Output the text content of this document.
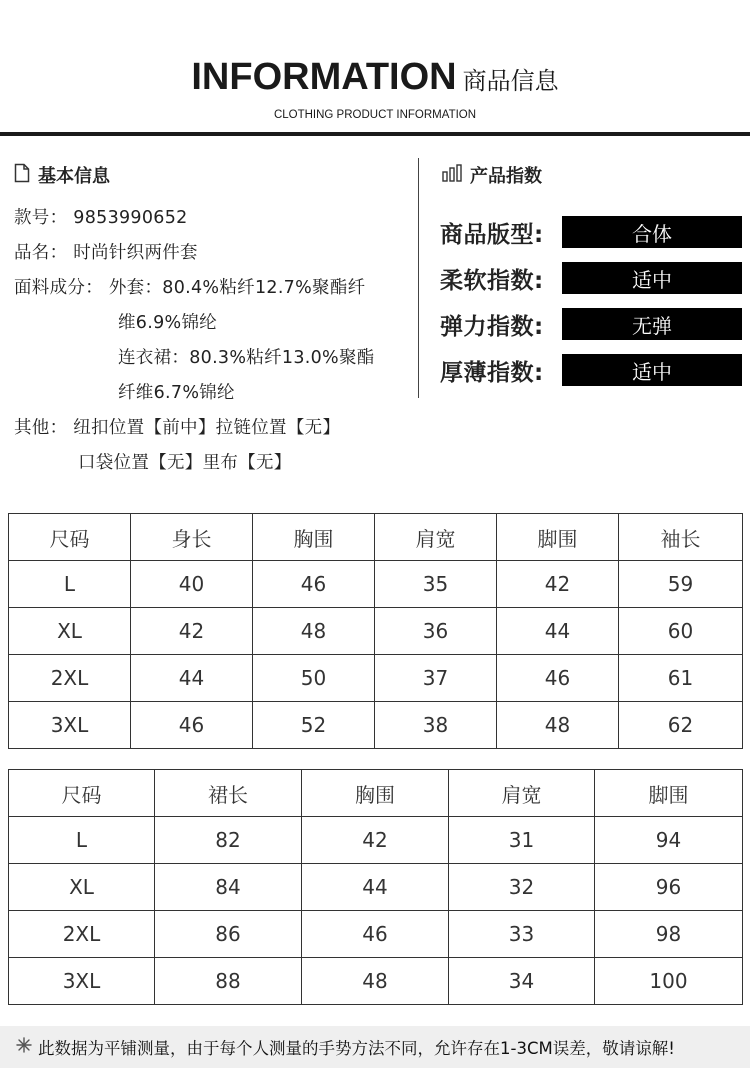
INFORMATION 商品信息
CLOTHING PRODUCT INFORMATION
基本信息
款号： 9853990652
品名： 时尚针织两件套
面料成分： 外套：80.4%粘纤12.7%聚酯纤
维6.9%锦纶
连衣裙：80.3%粘纤13.0%聚酯
纤维6.7%锦纶
其他： 纽扣位置【前中】拉链位置【无】
口袋位置【无】里布【无】
产品指数
商品版型:	合体
柔软指数:	适中
弹力指数:	无弹
厚薄指数:	适中
尺码	身长	胸围	肩宽	脚围	袖长
L	40	46	35	42	59
XL	42	48	36	44	60
2XL	44	50	37	46	61
3XL	46	52	38	48	62
尺码	裙长	胸围	肩宽	脚围
L	82	42	31	94
XL	84	44	32	96
2XL	86	46	33	98
3XL	88	48	34	100
此数据为平铺测量，由于每个人测量的手势方法不同，允许存在1-3CM误差，敬请谅解!
